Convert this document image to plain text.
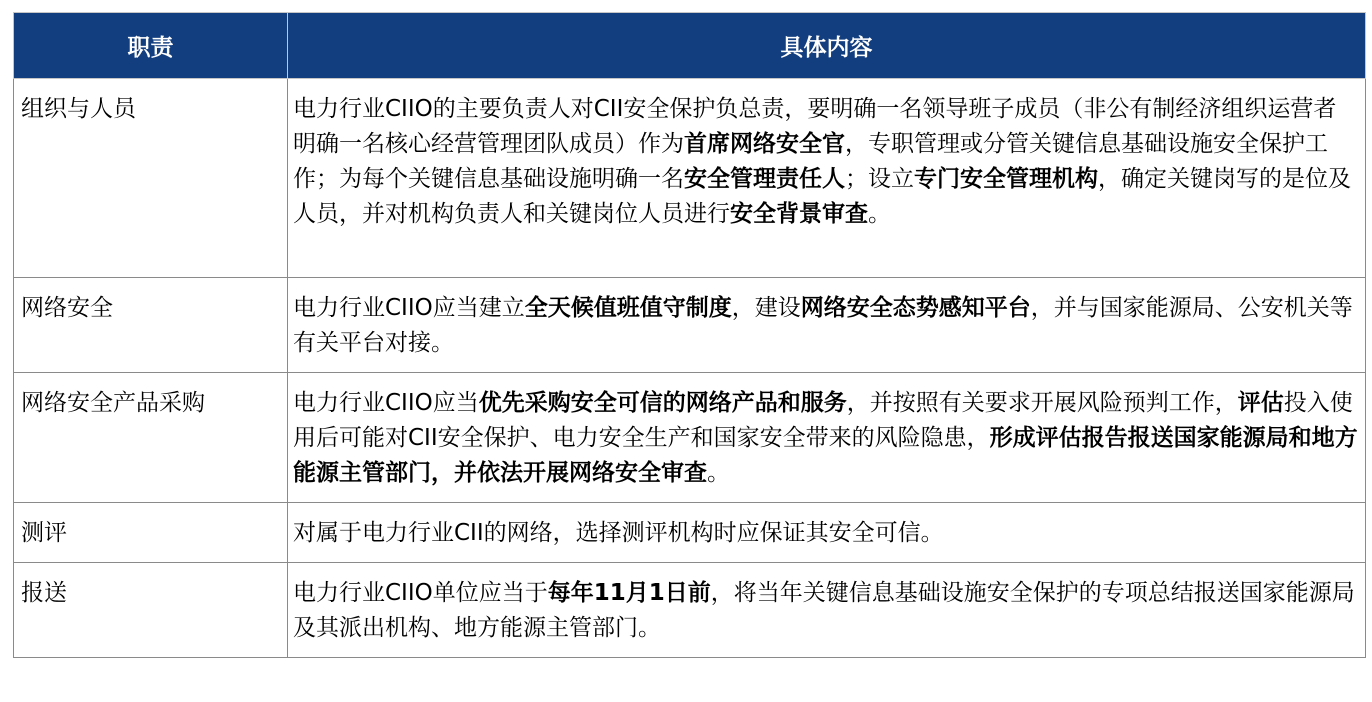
职责	具体内容
组织与人员	电力行业CIIO的主要负责人对CII安全保护负总责，要明确一名领导班子成员（非公有制经济组织运营者明确一名核心经营管理团队成员）作为首席网络安全官，专职管理或分管关键信息基础设施安全保护工作；为每个关键信息基础设施明确一名安全管理责任人；设立专门安全管理机构，确定关键岗写的是位及人员，并对机构负责人和关键岗位人员进行安全背景审查。
网络安全	电力行业CIIO应当建立全天候值班值守制度，建设网络安全态势感知平台，并与国家能源局、公安机关等有关平台对接。
网络安全产品采购	电力行业CIIO应当优先采购安全可信的网络产品和服务，并按照有关要求开展风险预判工作，评估投入使用后可能对CII安全保护、电力安全生产和国家安全带来的风险隐患，形成评估报告报送国家能源局和地方能源主管部门，并依法开展网络安全审查。
测评	对属于电力行业CII的网络，选择测评机构时应保证其安全可信。
报送	电力行业CIIO单位应当于每年11月1日前，将当年关键信息基础设施安全保护的专项总结报送国家能源局及其派出机构、地方能源主管部门。
